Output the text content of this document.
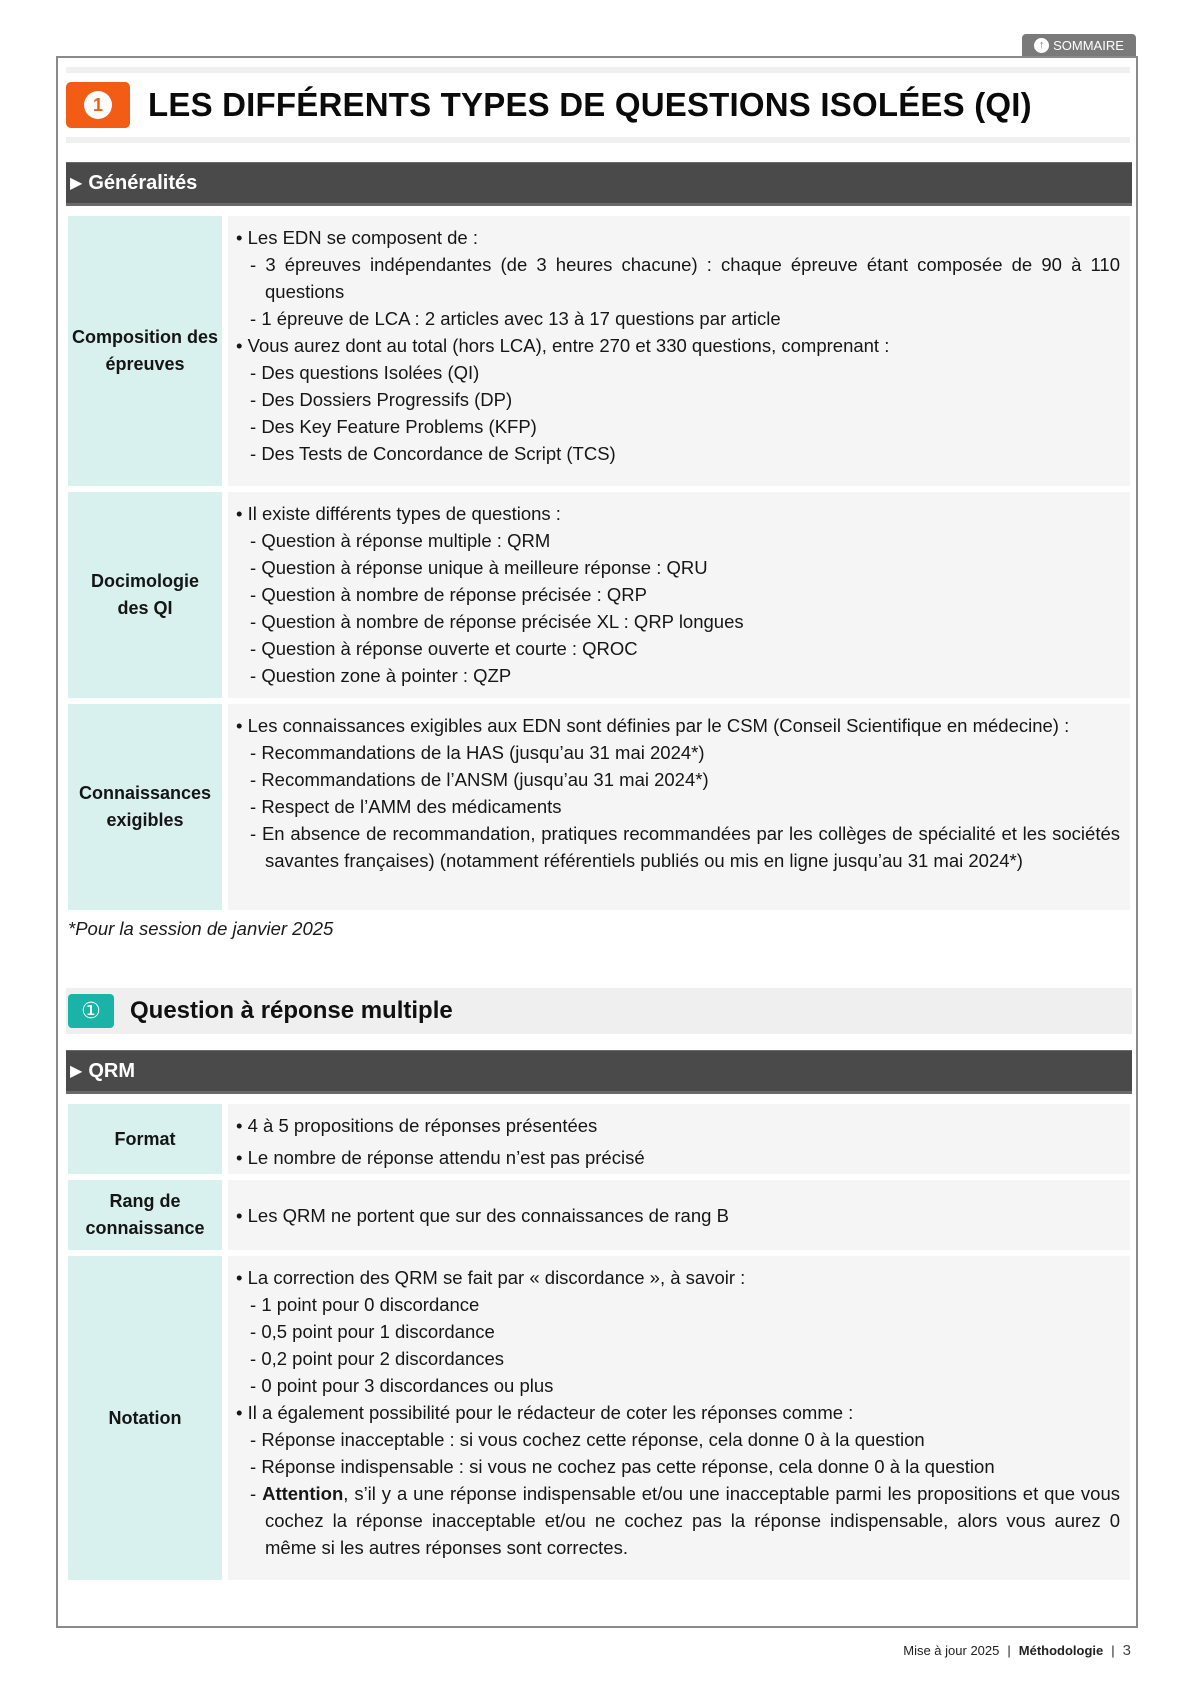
↑ SOMMAIRE
1 LES DIFFÉRENTS TYPES DE QUESTIONS ISOLÉES (QI)
▶ Généralités
Composition des épreuves
• Les EDN se composent de :
- 3 épreuves indépendantes (de 3 heures chacune) : chaque épreuve étant composée de 90 à 110 questions
- 1 épreuve de LCA : 2 articles avec 13 à 17 questions par article
• Vous aurez dont au total (hors LCA), entre 270 et 330 questions, comprenant :
- Des questions Isolées (QI)
- Des Dossiers Progressifs (DP)
- Des Key Feature Problems (KFP)
- Des Tests de Concordance de Script (TCS)
Docimologie des QI
• Il existe différents types de questions :
- Question à réponse multiple : QRM
- Question à réponse unique à meilleure réponse : QRU
- Question à nombre de réponse précisée : QRP
- Question à nombre de réponse précisée XL : QRP longues
- Question à réponse ouverte et courte : QROC
- Question zone à pointer : QZP
Connaissances exigibles
• Les connaissances exigibles aux EDN sont définies par le CSM (Conseil Scientifique en médecine) :
- Recommandations de la HAS (jusqu’au 31 mai 2024*)
- Recommandations de l’ANSM (jusqu’au 31 mai 2024*)
- Respect de l’AMM des médicaments
- En absence de recommandation, pratiques recommandées par les collèges de spécialité et les sociétés savantes françaises) (notamment référentiels publiés ou mis en ligne jusqu’au 31 mai 2024*)
*Pour la session de janvier 2025
① Question à réponse multiple
▶ QRM
Format
• 4 à 5 propositions de réponses présentées
• Le nombre de réponse attendu n’est pas précisé
Rang de connaissance
• Les QRM ne portent que sur des connaissances de rang B
Notation
• La correction des QRM se fait par « discordance », à savoir :
- 1 point pour 0 discordance
- 0,5 point pour 1 discordance
- 0,2 point pour 2 discordances
- 0 point pour 3 discordances ou plus
• Il a également possibilité pour le rédacteur de coter les réponses comme :
- Réponse inacceptable : si vous cochez cette réponse, cela donne 0 à la question
- Réponse indispensable : si vous ne cochez pas cette réponse, cela donne 0 à la question
- Attention, s’il y a une réponse indispensable et/ou une inacceptable parmi les propositions et que vous cochez la réponse inacceptable et/ou ne cochez pas la réponse indispensable, alors vous aurez 0 même si les autres réponses sont correctes.
Mise à jour 2025 | Méthodologie | 3
